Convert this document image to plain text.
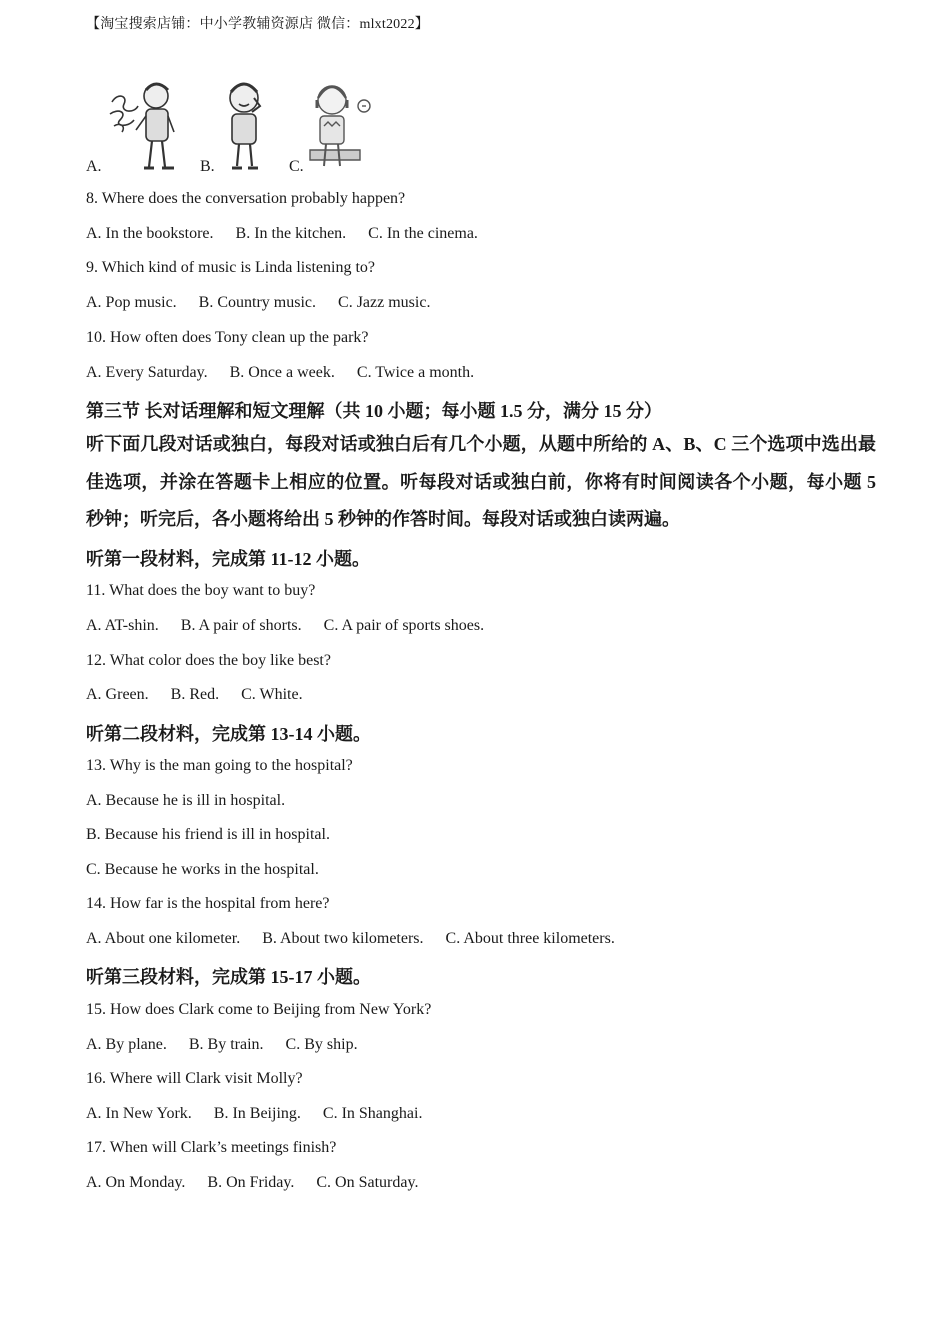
【淘宝搜索店铺：中小学教辅资源店 微信：mlxt2022】
A.	B.	C.
8. Where does the conversation probably happen?
A. In the bookstore. B. In the kitchen. C. In the cinema.
9. Which kind of music is Linda listening to?
A. Pop music. B. Country music. C. Jazz music.
10. How often does Tony clean up the park?
A. Every Saturday. B. Once a week. C. Twice a month.
第三节 长对话理解和短文理解（共 10 小题；每小题 1.5 分，满分 15 分）
听下面几段对话或独白，每段对话或独白后有几个小题，从题中所给的 A、B、C 三个选项中选出最佳选项，并涂在答题卡上相应的位置。听每段对话或独白前，你将有时间阅读各个小题，每小题 5 秒钟；听完后，各小题将给出 5 秒钟的作答时间。每段对话或独白读两遍。
听第一段材料，完成第 11-12 小题。
11. What does the boy want to buy?
A. AT-shin. B. A pair of shorts. C. A pair of sports shoes.
12. What color does the boy like best?
A. Green. B. Red. C. White.
听第二段材料，完成第 13-14 小题。
13. Why is the man going to the hospital?
A. Because he is ill in hospital.
B. Because his friend is ill in hospital.
C. Because he works in the hospital.
14. How far is the hospital from here?
A. About one kilometer. B. About two kilometers. C. About three kilometers.
听第三段材料，完成第 15-17 小题。
15. How does Clark come to Beijing from New York?
A. By plane. B. By train. C. By ship.
16. Where will Clark visit Molly?
A. In New York. B. In Beijing. C. In Shanghai.
17. When will Clark’s meetings finish?
A. On Monday. B. On Friday. C. On Saturday.
